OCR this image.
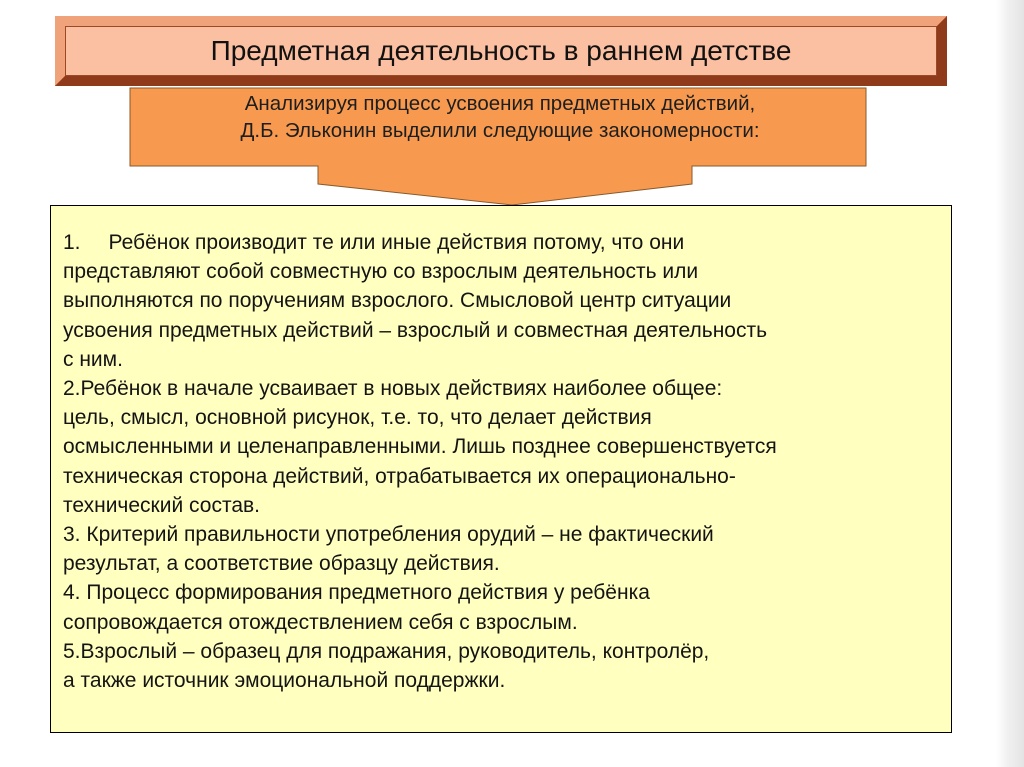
Предметная деятельность в раннем детстве
Анализируя процесс усвоения предметных действий,
Д.Б. Эльконин выделили следующие закономерности:
1. Ребёнок производит те или иные действия потому, что они
представляют собой совместную со взрослым деятельность или
выполняются по поручениям взрослого. Смысловой центр ситуации
усвоения предметных действий – взрослый и совместная деятельность
с ним.
2.Ребёнок в начале усваивает в новых действиях наиболее общее:
цель, смысл, основной рисунок, т.е. то, что делает действия
осмысленными и целенаправленными. Лишь позднее совершенствуется
техническая сторона действий, отрабатывается их операционально-
технический состав.
3. Критерий правильности употребления орудий – не фактический
результат, а соответствие образцу действия.
4. Процесс формирования предметного действия у ребёнка
сопровождается отождествлением себя с взрослым.
5.Взрослый – образец для подражания, руководитель, контролёр,
а также источник эмоциональной поддержки.
